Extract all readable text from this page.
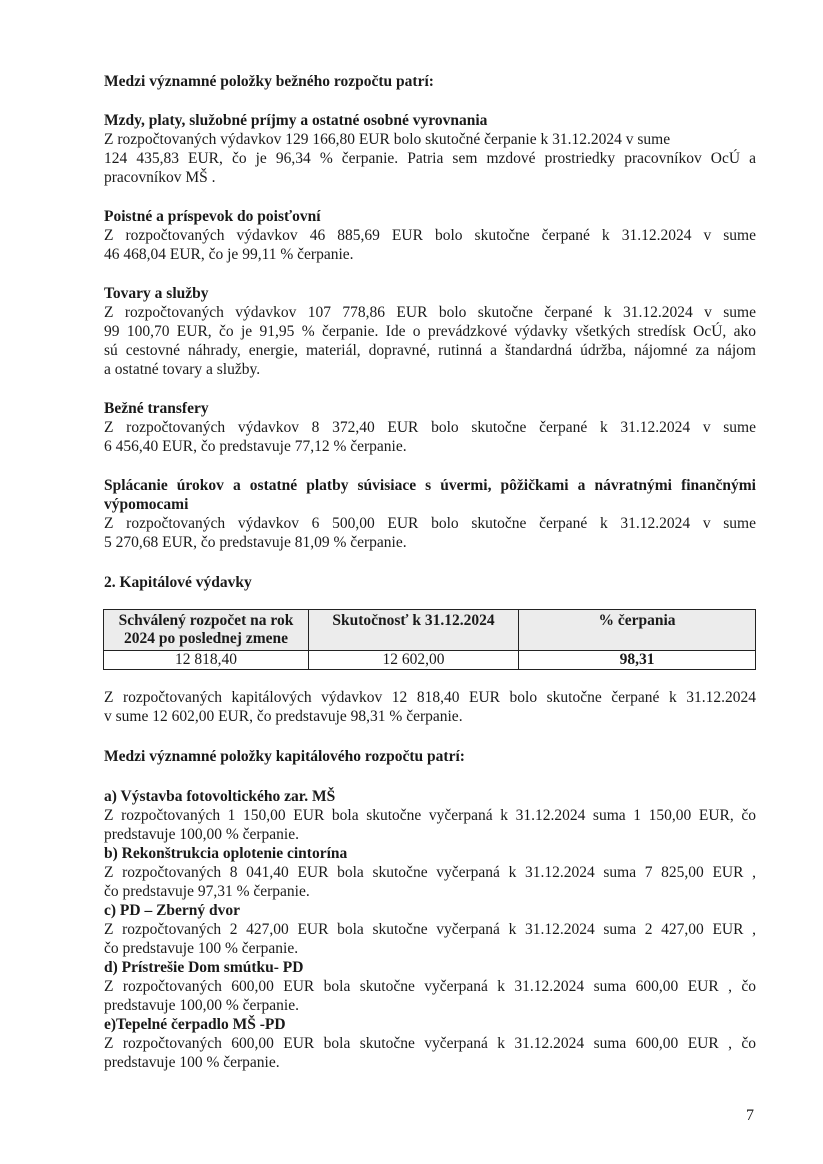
Medzi významné položky bežného rozpočtu patrí:

Mzdy, platy, služobné príjmy a ostatné osobné vyrovnania

Z rozpočtovaných výdavkov 129 166,80 EUR bolo skutočné čerpanie k 31.12.2024 v sume

124 435,83 EUR, čo je 96,34 % čerpanie. Patria sem mzdové prostriedky pracovníkov OcÚ a

pracovníkov MŠ .

Poistné a príspevok do poisťovní

Z rozpočtovaných výdavkov 46 885,69 EUR bolo skutočne čerpané k 31.12.2024 v sume

46 468,04 EUR, čo je 99,11 % čerpanie.

Tovary a služby

Z rozpočtovaných výdavkov 107 778,86 EUR bolo skutočne čerpané k 31.12.2024 v sume

99 100,70 EUR, čo je 91,95 % čerpanie. Ide o prevádzkové výdavky všetkých stredísk OcÚ, ako

sú cestovné náhrady, energie, materiál, dopravné, rutinná a štandardná údržba, nájomné za nájom

a ostatné tovary a služby.

Bežné transfery

Z rozpočtovaných výdavkov 8 372,40 EUR bolo skutočne čerpané k 31.12.2024 v sume

6 456,40 EUR, čo predstavuje 77,12 % čerpanie.

Splácanie úrokov a ostatné platby súvisiace s úvermi, pôžičkami a návratnými finančnými

výpomocami

Z rozpočtovaných výdavkov 6 500,00 EUR bolo skutočne čerpané k 31.12.2024 v sume

5 270,68 EUR, čo predstavuje 81,09 % čerpanie.

2. Kapitálové výdavky

Schválený rozpočet na rok 2024 po poslednej zmene	Skutočnosť k 31.12.2024	% čerpania
12 818,40	12 602,00	98,31

Z rozpočtovaných kapitálových výdavkov 12 818,40 EUR bolo skutočne čerpané k 31.12.2024

v sume 12 602,00 EUR, čo predstavuje 98,31 % čerpanie.

Medzi významné položky kapitálového rozpočtu patrí:

a) Výstavba fotovoltického zar. MŠ

Z rozpočtovaných 1 150,00 EUR bola skutočne vyčerpaná k 31.12.2024 suma 1 150,00 EUR, čo

predstavuje 100,00 % čerpanie.

b) Rekonštrukcia oplotenie cintorína

Z rozpočtovaných 8 041,40 EUR bola skutočne vyčerpaná k 31.12.2024 suma 7 825,00 EUR ,

čo predstavuje 97,31 % čerpanie.

c) PD – Zberný dvor

Z rozpočtovaných 2 427,00 EUR bola skutočne vyčerpaná k 31.12.2024 suma 2 427,00 EUR ,

čo predstavuje 100 % čerpanie.

d) Prístrešie Dom smútku- PD

Z rozpočtovaných 600,00 EUR bola skutočne vyčerpaná k 31.12.2024 suma 600,00 EUR , čo

predstavuje 100,00 % čerpanie.

e)Tepelné čerpadlo MŠ -PD

Z rozpočtovaných 600,00 EUR bola skutočne vyčerpaná k 31.12.2024 suma 600,00 EUR , čo

predstavuje 100 % čerpanie.

7
